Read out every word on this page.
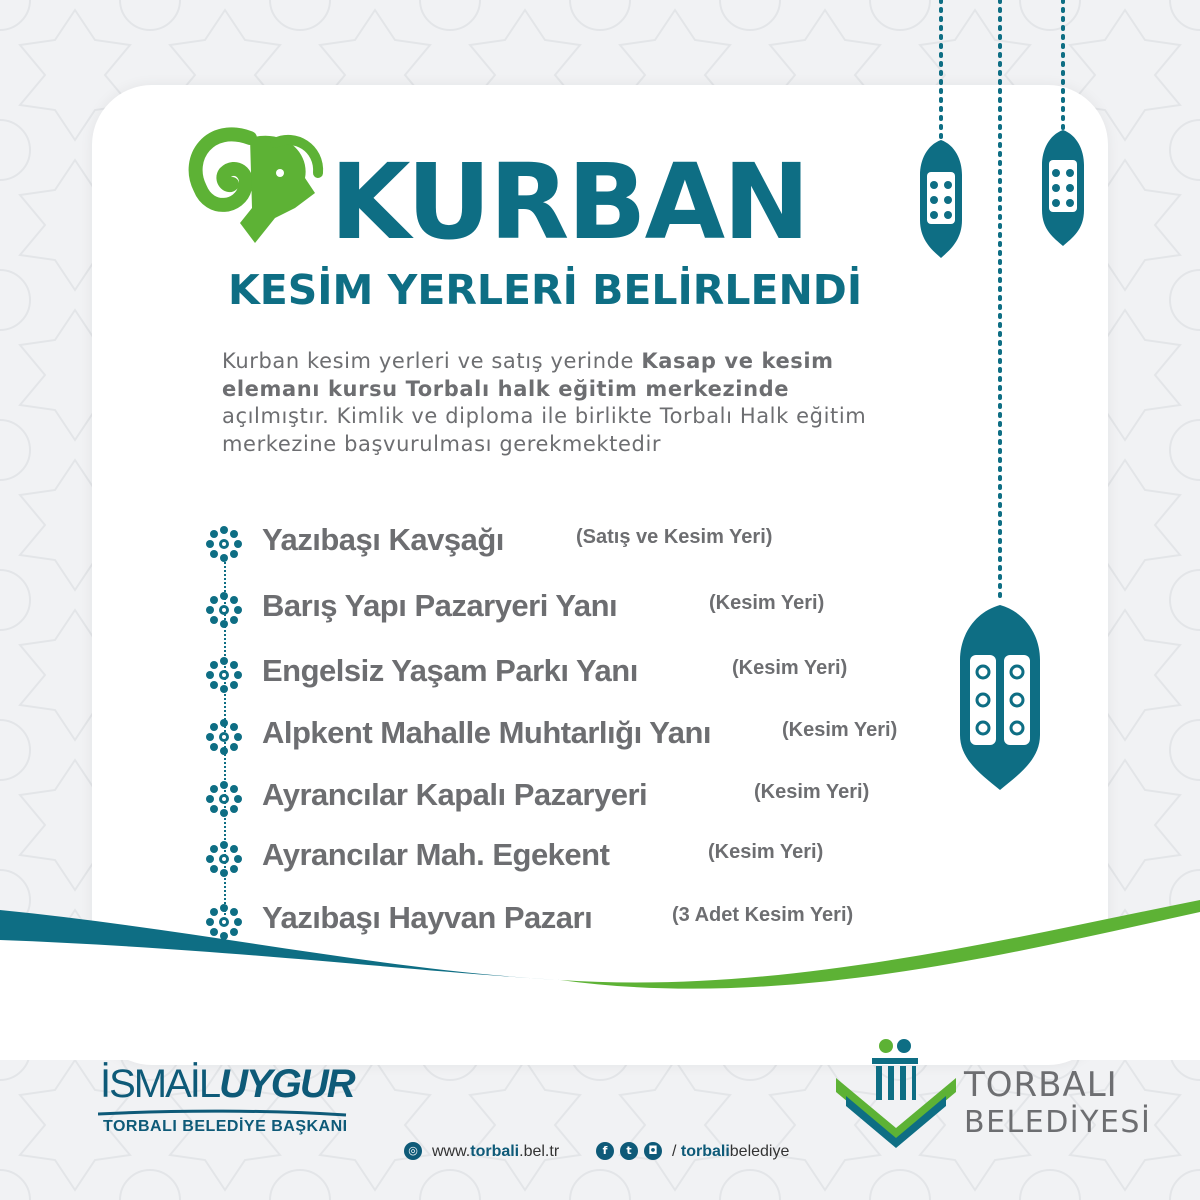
KURBAN
KESİM YERLERİ BELİRLENDİ
Kurban kesim yerleri ve satış yerinde Kasap ve kesim elemanı kursu Torbalı halk eğitim merkezinde açılmıştır. Kimlik ve diploma ile birlikte Torbalı Halk eğitim merkezine başvurulması gerekmektedir
Yazıbaşı Kavşağı	(Satış ve Kesim Yeri)
Barış Yapı Pazaryeri Yanı	(Kesim Yeri)
Engelsiz Yaşam Parkı Yanı	(Kesim Yeri)
Alpkent Mahalle Muhtarlığı Yanı	(Kesim Yeri)
Ayrancılar Kapalı Pazaryeri	(Kesim Yeri)
Ayrancılar Mah. Egekent	(Kesim Yeri)
Yazıbaşı Hayvan Pazarı	(3 Adet Kesim Yeri)
İSMAİLUYGUR
TORBALI BELEDİYE BAŞKANI
TORBALI
BELEDİYESİ
◎ www.torbali.bel.tr	f	t	◘ / torbalibelediye
